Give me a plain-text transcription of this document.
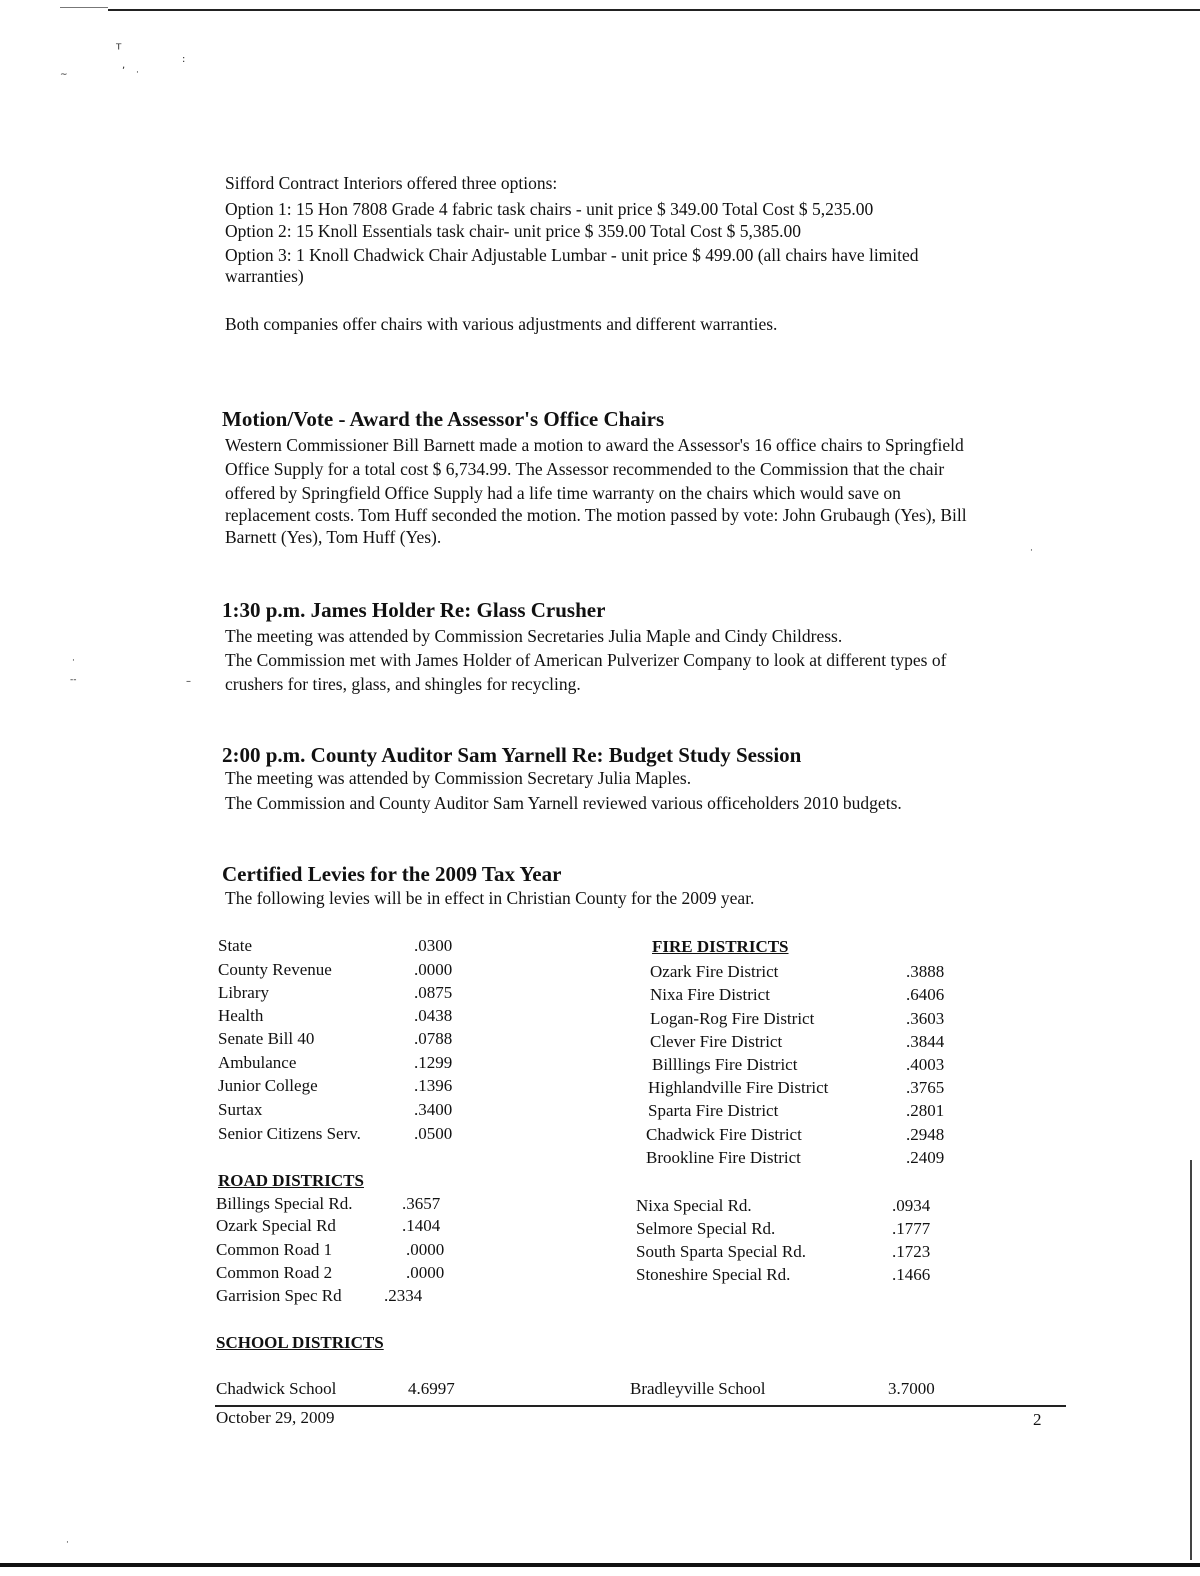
ᵀ
,
·
:
~
·
--	–
·
·
Sifford Contract Interiors offered three options:
Option 1: 15 Hon 7808 Grade 4 fabric task chairs - unit price $ 349.00 Total Cost $ 5,235.00
Option 2: 15 Knoll Essentials task chair- unit price $ 359.00 Total Cost $ 5,385.00
Option 3: 1 Knoll Chadwick Chair Adjustable Lumbar - unit price $ 499.00 (all chairs have limited
warranties)
Both companies offer chairs with various adjustments and different warranties.
Motion/Vote - Award the Assessor's Office Chairs
Western Commissioner Bill Barnett made a motion to award the Assessor's 16 office chairs to Springfield
Office Supply for a total cost $ 6,734.99. The Assessor recommended to the Commission that the chair
offered by Springfield Office Supply had a life time warranty on the chairs which would save on
replacement costs. Tom Huff seconded the motion. The motion passed by vote: John Grubaugh (Yes), Bill
Barnett (Yes), Tom Huff (Yes).
1:30 p.m. James Holder Re: Glass Crusher
The meeting was attended by Commission Secretaries Julia Maple and Cindy Childress.
The Commission met with James Holder of American Pulverizer Company to look at different types of
crushers for tires, glass, and shingles for recycling.
2:00 p.m. County Auditor Sam Yarnell Re: Budget Study Session
The meeting was attended by Commission Secretary Julia Maples.
The Commission and County Auditor Sam Yarnell reviewed various officeholders 2010 budgets.
Certified Levies for the 2009 Tax Year
The following levies will be in effect in Christian County for the 2009 year.
State	.0300
County Revenue	.0000
Library	.0875
Health	.0438
Senate Bill 40	.0788
Ambulance	.1299
Junior College	.1396
Surtax	.3400
Senior Citizens Serv.	.0500
FIRE DISTRICTS
Ozark Fire District	.3888
Nixa Fire District	.6406
Logan-Rog Fire District	.3603
Clever Fire District	.3844
Billlings Fire District	.4003
Highlandville Fire District	.3765
Sparta Fire District	.2801
Chadwick Fire District	.2948
Brookline Fire District	.2409
ROAD DISTRICTS
Billings Special Rd.	.3657
Ozark Special Rd	.1404
Common Road 1	.0000
Common Road 2	.0000
Garrision Spec Rd .2334
Nixa Special Rd.	.0934
Selmore Special Rd.	.1777
South Sparta Special Rd.	.1723
Stoneshire Special Rd.	.1466
SCHOOL DISTRICTS
Chadwick School	4.6997	Bradleyville School	3.7000
October 29, 2009	2
